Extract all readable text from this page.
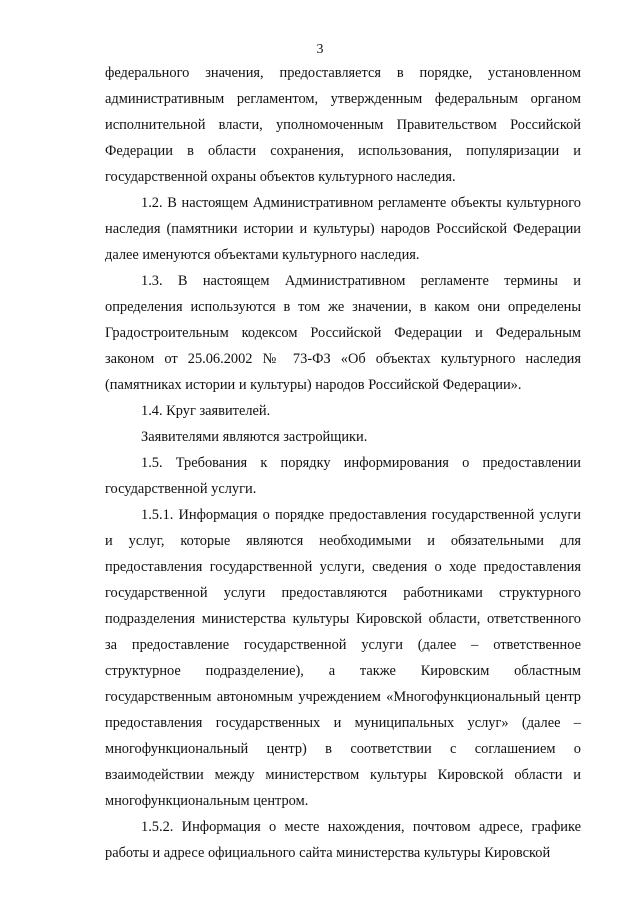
3

федерального значения, предоставляется в порядке, установленном административным регламентом, утвержденным федеральным органом исполнительной власти, уполномоченным Правительством Российской Федерации в области сохранения, использования, популяризации и государственной охраны объектов культурного наследия.

1.2. В настоящем Административном регламенте объекты культурного наследия (памятники истории и культуры) народов Российской Федерации далее именуются объектами культурного наследия.

1.3. В настоящем Административном регламенте термины и определения используются в том же значении, в каком они определены Градостроительным кодексом Российской Федерации и Федеральным законом от 25.06.2002 № 73-ФЗ «Об объектах культурного наследия (памятниках истории и культуры) народов Российской Федерации».

1.4. Круг заявителей.

Заявителями являются застройщики.

1.5. Требования к порядку информирования о предоставлении государственной услуги.

1.5.1. Информация о порядке предоставления государственной услуги и услуг, которые являются необходимыми и обязательными для предоставления государственной услуги, сведения о ходе предоставления государственной услуги предоставляются работниками структурного подразделения министерства культуры Кировской области, ответственного за предоставление государственной услуги (далее – ответственное структурное подразделение), а также Кировским областным государственным автономным учреждением «Многофункциональный центр предоставления государственных и муниципальных услуг» (далее – многофункциональный центр) в соответствии с соглашением о взаимодействии между министерством культуры Кировской области и многофункциональным центром.

1.5.2. Информация о месте нахождения, почтовом адресе, графике работы и адресе официального сайта министерства культуры Кировской
